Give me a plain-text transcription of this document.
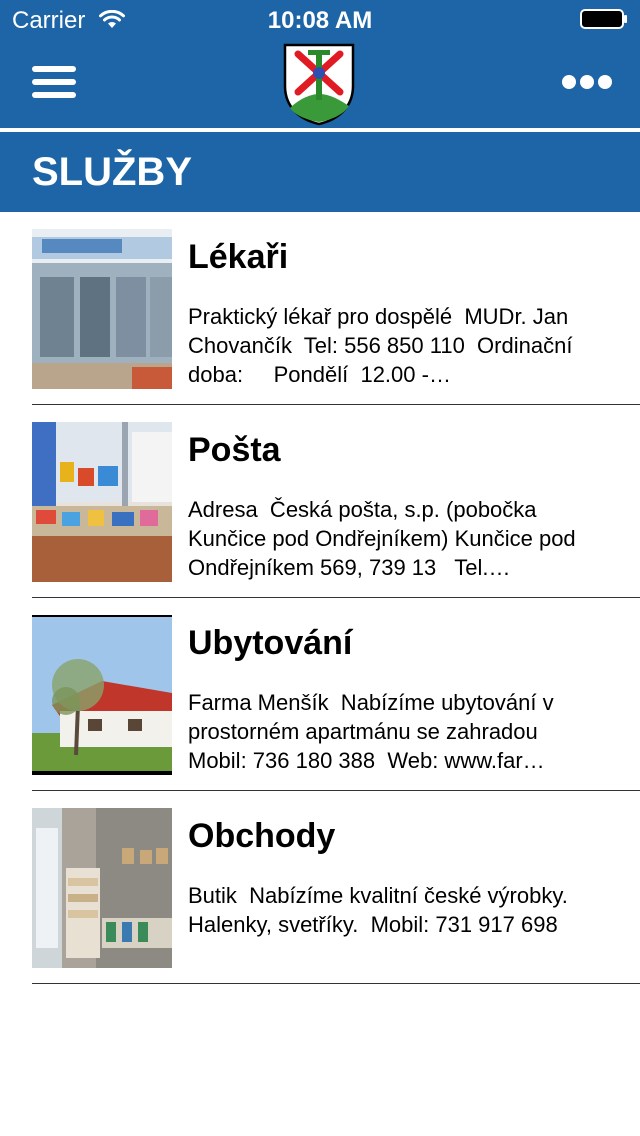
Carrier	10:08 AM
SLUŽBY
Lékaři
Praktický lékař pro dospělé  MUDr. Jan Chovančík  Tel: 556 850 110  Ordinační doba:     Pondělí  12.00 -…
Pošta
Adresa  Česká pošta, s.p. (pobočka Kunčice pod Ondřejníkem) Kunčice pod Ondřejníkem 569, 739 13   Tel.…
Ubytování
Farma Menšík  Nabízíme ubytování v prostorném apartmánu se zahradou  Mobil: 736 180 388  Web: www.far…
Obchody
Butik  Nabízíme kvalitní české výrobky. Halenky, svetříky.  Mobil: 731 917 698
